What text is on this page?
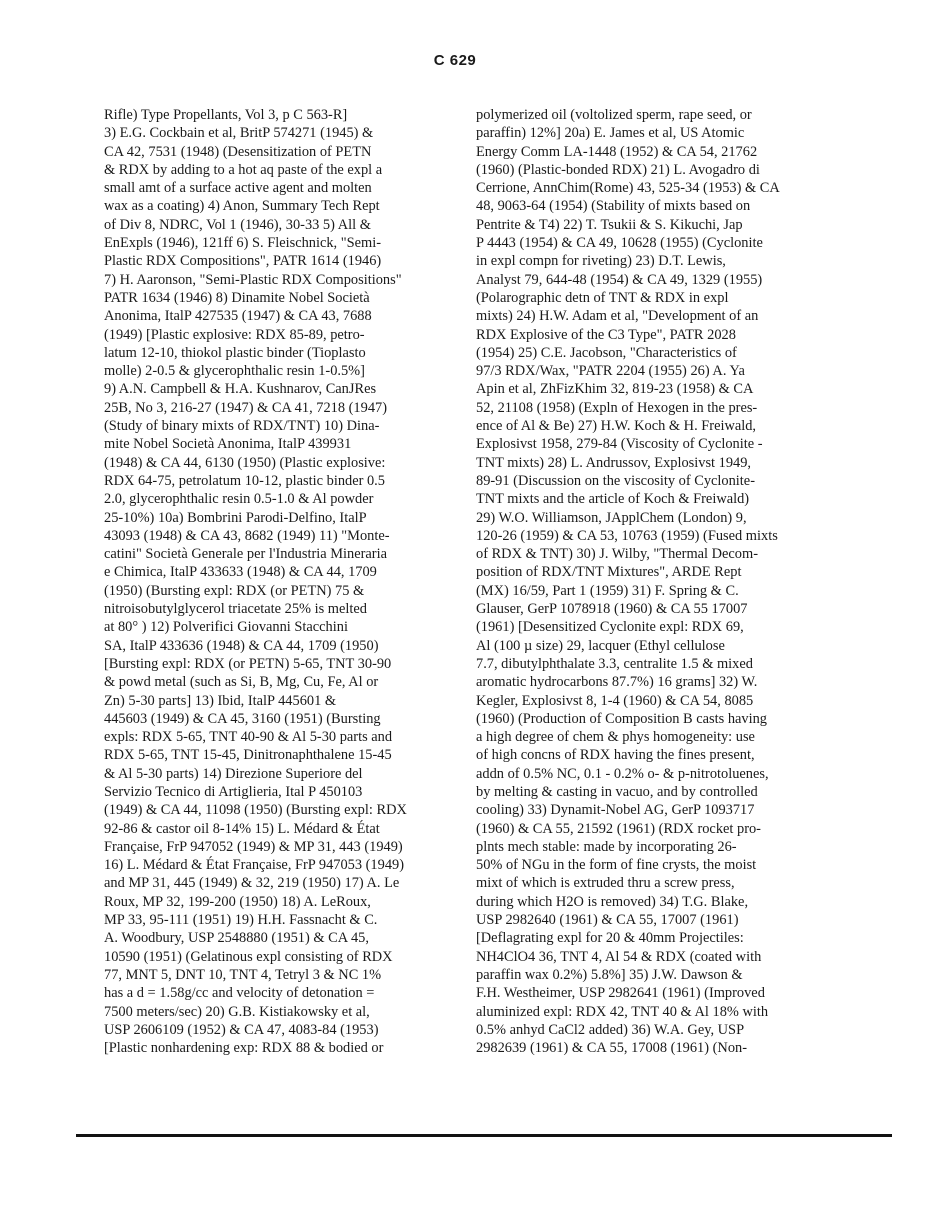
C 629
Rifle) Type Propellants, Vol 3, p C 563-R]
3) E.G. Cockbain et al, BritP 574271 (1945) &
CA 42, 7531 (1948) (Desensitization of PETN
& RDX by adding to a hot aq paste of the expl a
small amt of a surface active agent and molten
wax as a coating) 4) Anon, Summary Tech Rept
of Div 8, NDRC, Vol 1 (1946), 30-33 5) All &
EnExpls (1946), 121ff 6) S. Fleischnick, "Semi-
Plastic RDX Compositions", PATR 1614 (1946)
7) H. Aaronson, "Semi-Plastic RDX Compositions"
PATR 1634 (1946) 8) Dinamite Nobel Società
Anonima, ItalP 427535 (1947) & CA 43, 7688
(1949) [Plastic explosive: RDX 85-89, petro-
latum 12-10, thiokol plastic binder (Tioplasto
molle) 2-0.5 & glycerophthalic resin 1-0.5%]
9) A.N. Campbell & H.A. Kushnarov, CanJRes
25B, No 3, 216-27 (1947) & CA 41, 7218 (1947)
(Study of binary mixts of RDX/TNT) 10) Dina-
mite Nobel Società Anonima, ItalP 439931
(1948) & CA 44, 6130 (1950) (Plastic explosive:
RDX 64-75, petrolatum 10-12, plastic binder 0.5
2.0, glycerophthalic resin 0.5-1.0 & Al powder
25-10%) 10a) Bombrini Parodi-Delfino, ItalP
43093 (1948) & CA 43, 8682 (1949) 11) "Monte-
catini" Società Generale per l'Industria Mineraria
e Chimica, ItalP 433633 (1948) & CA 44, 1709
(1950) (Bursting expl: RDX (or PETN) 75 &
nitroisobutylglycerol triacetate 25% is melted
at 80° ) 12) Polverifici Giovanni Stacchini
SA, ItalP 433636 (1948) & CA 44, 1709 (1950)
[Bursting expl: RDX (or PETN) 5-65, TNT 30-90
& powd metal (such as Si, B, Mg, Cu, Fe, Al or
Zn) 5-30 parts] 13) Ibid, ItalP 445601 &
445603 (1949) & CA 45, 3160 (1951) (Bursting
expls: RDX 5-65, TNT 40-90 & Al 5-30 parts and
RDX 5-65, TNT 15-45, Dinitronaphthalene 15-45
& Al 5-30 parts) 14) Direzione Superiore del
Servizio Tecnico di Artiglieria, Ital P 450103
(1949) & CA 44, 11098 (1950) (Bursting expl: RDX
92-86 & castor oil 8-14% 15) L. Médard & État
Française, FrP 947052 (1949) & MP 31, 443 (1949)
16) L. Médard & État Française, FrP 947053 (1949)
and MP 31, 445 (1949) & 32, 219 (1950) 17) A. Le
Roux, MP 32, 199-200 (1950) 18) A. LeRoux,
MP 33, 95-111 (1951) 19) H.H. Fassnacht & C.
A. Woodbury, USP 2548880 (1951) & CA 45,
10590 (1951) (Gelatinous expl consisting of RDX
77, MNT 5, DNT 10, TNT 4, Tetryl 3 & NC 1%
has a d = 1.58g/cc and velocity of detonation =
7500 meters/sec) 20) G.B. Kistiakowsky et al,
USP 2606109 (1952) & CA 47, 4083-84 (1953)
[Plastic nonhardening exp: RDX 88 & bodied or
polymerized oil (voltolized sperm, rape seed, or
paraffin) 12%] 20a) E. James et al, US Atomic
Energy Comm LA-1448 (1952) & CA 54, 21762
(1960) (Plastic-bonded RDX) 21) L. Avogadro di
Cerrione, AnnChim(Rome) 43, 525-34 (1953) & CA
48, 9063-64 (1954) (Stability of mixts based on
Pentrite & T4) 22) T. Tsukii & S. Kikuchi, Jap
P 4443 (1954) & CA 49, 10628 (1955) (Cyclonite
in expl compn for riveting) 23) D.T. Lewis,
Analyst 79, 644-48 (1954) & CA 49, 1329 (1955)
(Polarographic detn of TNT & RDX in expl
mixts) 24) H.W. Adam et al, "Development of an
RDX Explosive of the C3 Type", PATR 2028
(1954) 25) C.E. Jacobson, "Characteristics of
97/3 RDX/Wax, "PATR 2204 (1955) 26) A. Ya
Apin et al, ZhFizKhim 32, 819-23 (1958) & CA
52, 21108 (1958) (Expln of Hexogen in the pres-
ence of Al & Be) 27) H.W. Koch & H. Freiwald,
Explosivst 1958, 279-84 (Viscosity of Cyclonite -
TNT mixts) 28) L. Andrussov, Explosivst 1949,
89-91 (Discussion on the viscosity of Cyclonite-
TNT mixts and the article of Koch & Freiwald)
29) W.O. Williamson, JApplChem (London) 9,
120-26 (1959) & CA 53, 10763 (1959) (Fused mixts
of RDX & TNT) 30) J. Wilby, "Thermal Decom-
position of RDX/TNT Mixtures", ARDE Rept
(MX) 16/59, Part 1 (1959) 31) F. Spring & C.
Glauser, GerP 1078918 (1960) & CA 55 17007
(1961) [Desensitized Cyclonite expl: RDX 69,
Al (100 µ size) 29, lacquer (Ethyl cellulose
7.7, dibutylphthalate 3.3, centralite 1.5 & mixed
aromatic hydrocarbons 87.7%) 16 grams] 32) W.
Kegler, Explosivst 8, 1-4 (1960) & CA 54, 8085
(1960) (Production of Composition B casts having
a high degree of chem & phys homogeneity: use
of high concns of RDX having the fines present,
addn of 0.5% NC, 0.1 - 0.2% o- & p-nitrotoluenes,
by melting & casting in vacuo, and by controlled
cooling) 33) Dynamit-Nobel AG, GerP 1093717
(1960) & CA 55, 21592 (1961) (RDX rocket pro-
plnts mech stable: made by incorporating 26-
50% of NGu in the form of fine crysts, the moist
mixt of which is extruded thru a screw press,
during which H2O is removed) 34) T.G. Blake,
USP 2982640 (1961) & CA 55, 17007 (1961)
[Deflagrating expl for 20 & 40mm Projectiles:
NH4ClO4 36, TNT 4, Al 54 & RDX (coated with
paraffin wax 0.2%) 5.8%] 35) J.W. Dawson &
F.H. Westheimer, USP 2982641 (1961) (Improved
aluminized expl: RDX 42, TNT 40 & Al 18% with
0.5% anhyd CaCl2 added) 36) W.A. Gey, USP
2982639 (1961) & CA 55, 17008 (1961) (Non-
